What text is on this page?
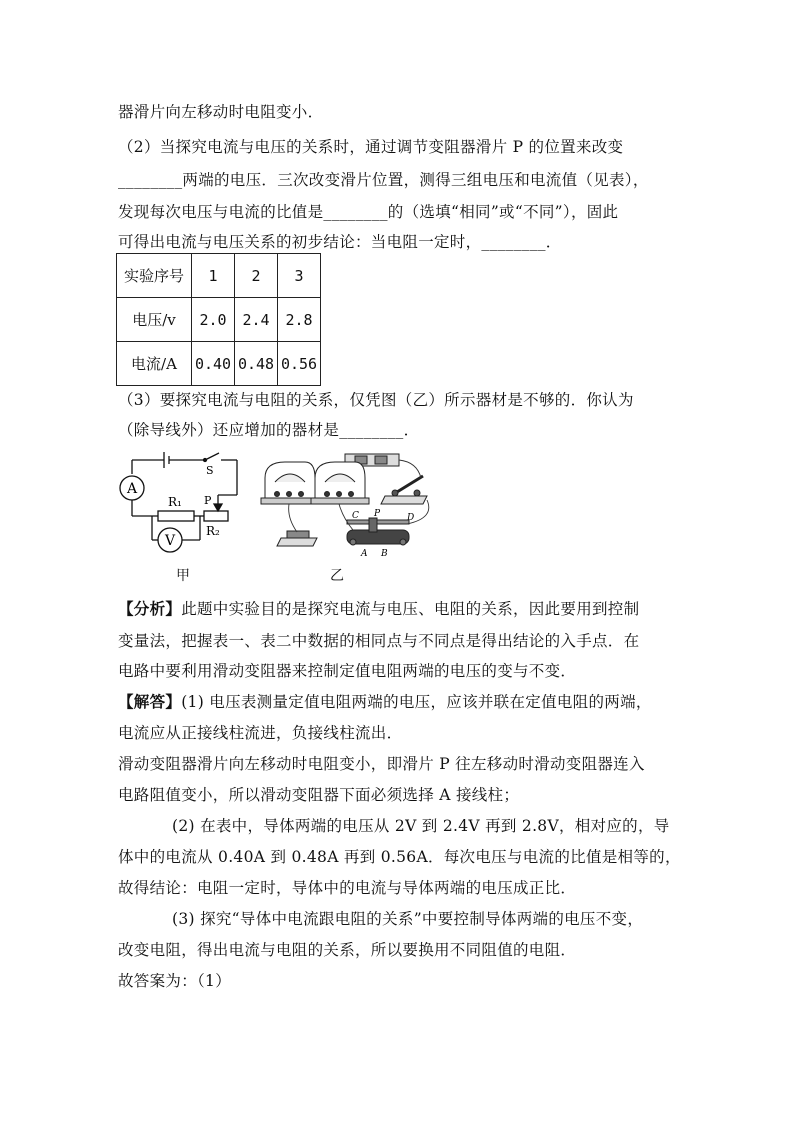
器滑片向左移动时电阻变小．
（2）当探究电流与电压的关系时，通过调节变阻器滑片 P 的位置来改变
________两端的电压．三次改变滑片位置，测得三组电压和电流值（见表），
发现每次电压与电流的比值是________的（选填“相同”或“不同”），固此
可得出电流与电压关系的初步结论：当电阻一定时，________．
实验序号	1	2	3
电压/v	2.0	2.4	2.8
电流/A	0.40	0.48	0.56
（3）要探究电流与电阻的关系，仅凭图（乙）所示器材是不够的．你认为
（除导线外）还应增加的器材是________．
A
V
S
R₁
R₂
P
甲
C P	D
A B
乙
【分析】此题中实验目的是探究电流与电压、电阻的关系，因此要用到控制
变量法，把握表一、表二中数据的相同点与不同点是得出结论的入手点．在
电路中要利用滑动变阻器来控制定值电阻两端的电压的变与不变．
【解答】(1) 电压表测量定值电阻两端的电压，应该并联在定值电阻的两端，
电流应从正接线柱流进，负接线柱流出．
滑动变阻器滑片向左移动时电阻变小，即滑片 P 往左移动时滑动变阻器连入
电路阻值变小，所以滑动变阻器下面必须选择 A 接线柱；
(2) 在表中，导体两端的电压从 2V 到 2.4V 再到 2.8V，相对应的，导
体中的电流从 0.40A 到 0.48A 再到 0.56A．每次电压与电流的比值是相等的，
故得结论：电阻一定时，导体中的电流与导体两端的电压成正比．
(3) 探究“导体中电流跟电阻的关系”中要控制导体两端的电压不变，
改变电阻，得出电流与电阻的关系，所以要换用不同阻值的电阻．
故答案为：（1）
